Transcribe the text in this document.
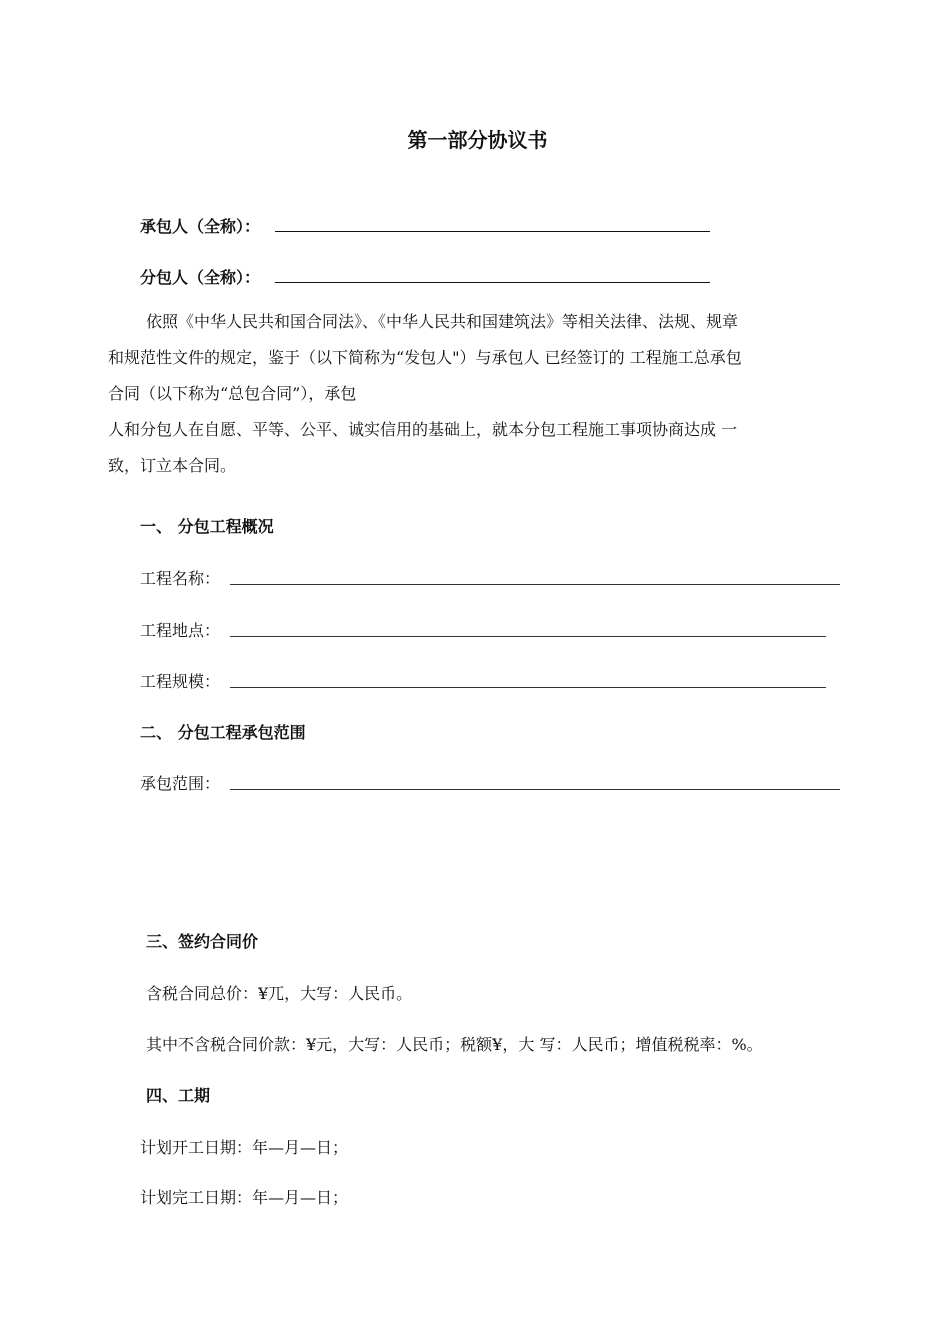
第一部分协议书
承包人（全称）：
分包人（全称）：
依照《中华人民共和国合同法》、《中华人民共和国建筑法》等相关法律、法规、规章
和规范性文件的规定，鉴于（以下简称为“发包人"）与承包人 已经签订的 工程施工总承包
合同（以下称为“总包合同”），承包
人和分包人在自愿、平等、公平、诚实信用的基础上，就本分包工程施工事项协商达成 一
致，订立本合同。
一、 分包工程概况
工程名称：
工程地点：
工程规模：
二、 分包工程承包范围
承包范围：
三、签约合同价
含税合同总价：¥兀，大写：人民币。
其中不含税合同价款：¥元，大写：人民币；税额¥，大 写：人民币；增值税税率：%。
四、工期
计划开工日期：年—月—日；
计划完工日期：年—月—日；
